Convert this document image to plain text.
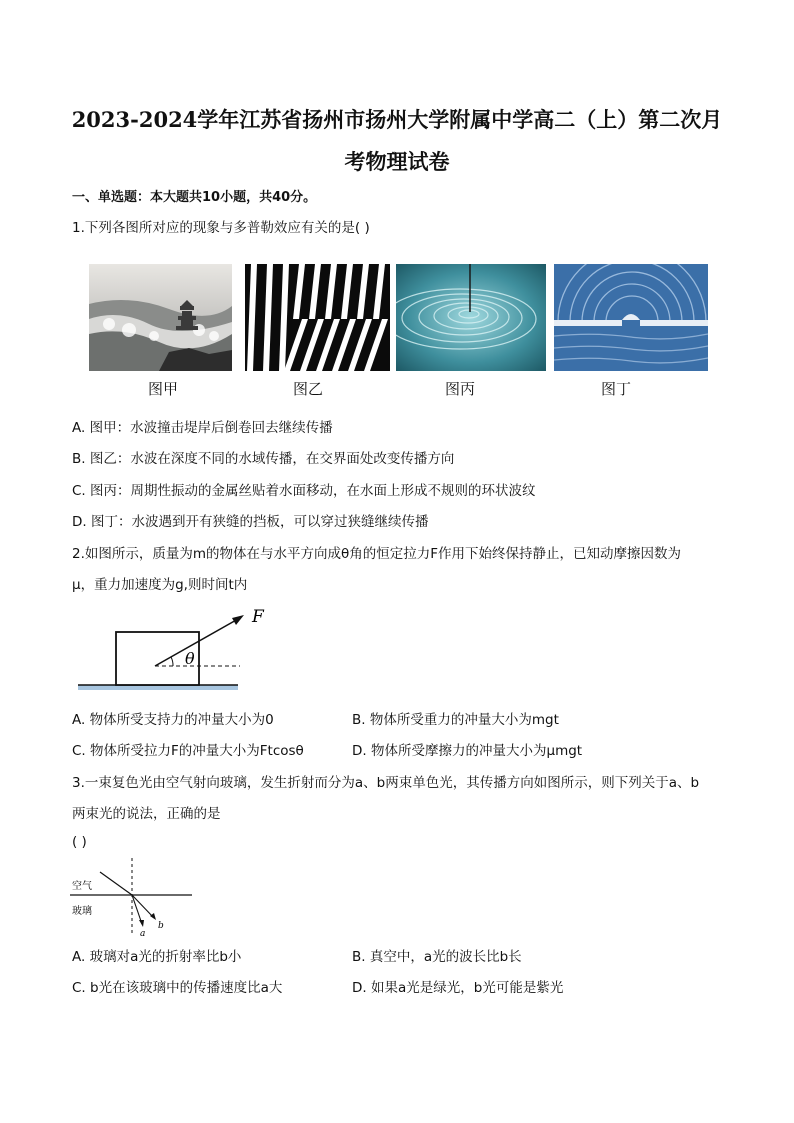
2023-2024学年江苏省扬州市扬州大学附属中学高二（上）第二次月
考物理试卷
一、单选题：本大题共10小题，共40分。
1.下列各图所对应的现象与多普勒效应有关的是( )
图甲	图乙	图丙	图丁
A. 图甲：水波撞击堤岸后倒卷回去继续传播
B. 图乙：水波在深度不同的水域传播，在交界面处改变传播方向
C. 图丙：周期性振动的金属丝贴着水面移动，在水面上形成不规则的环状波纹
D. 图丁：水波遇到开有狭缝的挡板，可以穿过狭缝继续传播
2.如图所示，质量为m的物体在与水平方向成θ角的恒定拉力F作用下始终保持静止，已知动摩擦因数为
μ，重力加速度为g,则时间t内
θ
F
A. 物体所受支持力的冲量大小为0	B. 物体所受重力的冲量大小为mgt
C. 物体所受拉力F的冲量大小为Ftcosθ	D. 物体所受摩擦力的冲量大小为μmgt
3.一束复色光由空气射向玻璃，发生折射而分为a、b两束单色光，其传播方向如图所示，则下列关于a、b
两束光的说法，正确的是
( )
空气
玻璃
a
b
A. 玻璃对a光的折射率比b小	B. 真空中，a光的波长比b长
C. b光在该玻璃中的传播速度比a大	D. 如果a光是绿光，b光可能是紫光
